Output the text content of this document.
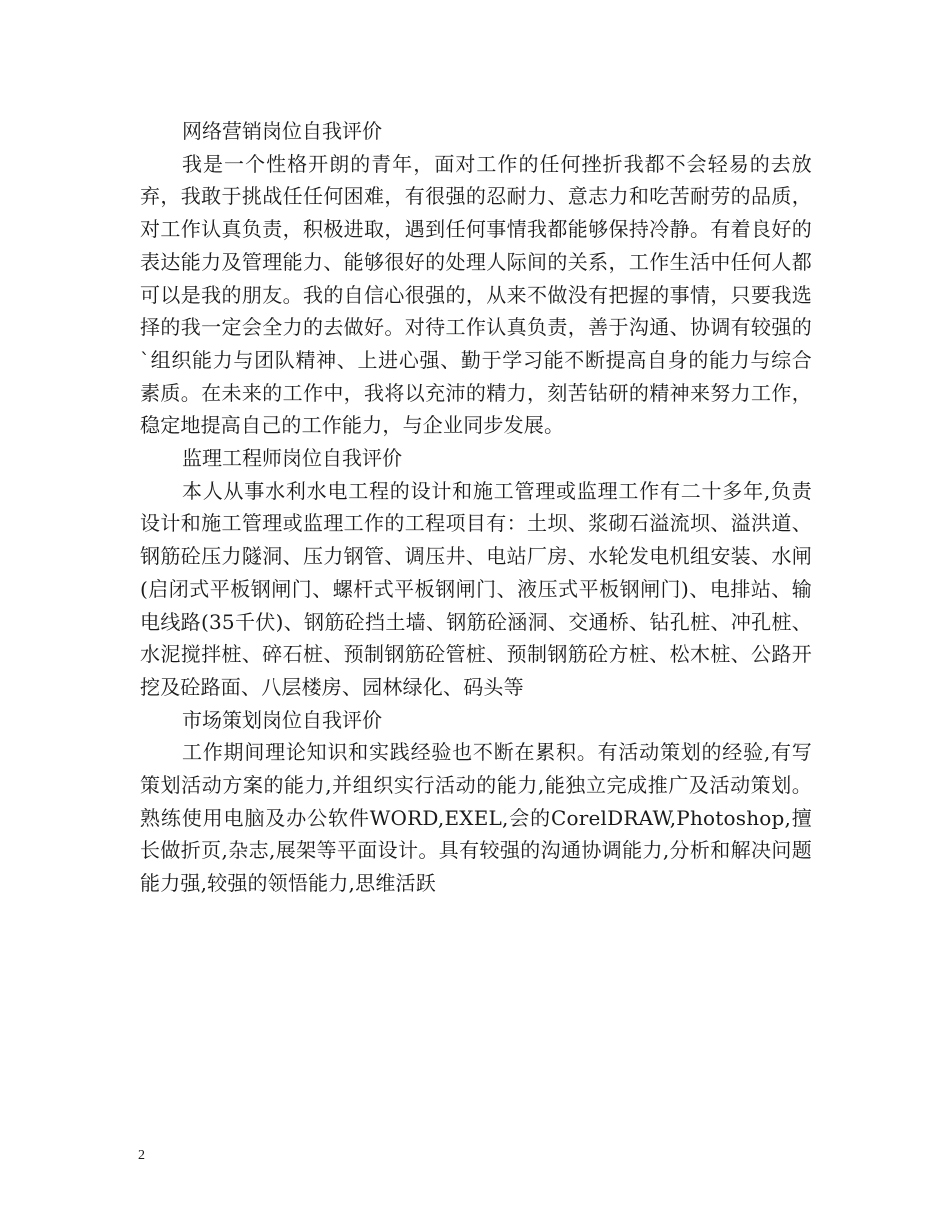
网络营销岗位自我评价

我是一个性格开朗的青年，面对工作的任何挫折我都不会轻易的去放弃，我敢于挑战任任何困难，有很强的忍耐力、意志力和吃苦耐劳的品质，对工作认真负责，积极进取，遇到任何事情我都能够保持冷静。有着良好的表达能力及管理能力、能够很好的处理人际间的关系，工作生活中任何人都可以是我的朋友。我的自信心很强的，从来不做没有把握的事情，只要我选择的我一定会全力的去做好。对待工作认真负责，善于沟通、协调有较强的`组织能力与团队精神、上进心强、勤于学习能不断提高自身的能力与综合素质。在未来的工作中，我将以充沛的精力，刻苦钻研的精神来努力工作，稳定地提高自己的工作能力，与企业同步发展。

监理工程师岗位自我评价

本人从事水利水电工程的设计和施工管理或监理工作有二十多年,负责设计和施工管理或监理工作的工程项目有：土坝、浆砌石溢流坝、溢洪道、钢筋砼压力隧洞、压力钢管、调压井、电站厂房、水轮发电机组安装、水闸(启闭式平板钢闸门、螺杆式平板钢闸门、液压式平板钢闸门)、电排站、输电线路(35千伏)、钢筋砼挡土墙、钢筋砼涵洞、交通桥、钻孔桩、冲孔桩、水泥搅拌桩、碎石桩、预制钢筋砼管桩、预制钢筋砼方桩、松木桩、公路开挖及砼路面、八层楼房、园林绿化、码头等

市场策划岗位自我评价

工作期间理论知识和实践经验也不断在累积。有活动策划的经验,有写策划活动方案的能力,并组织实行活动的能力,能独立完成推广及活动策划。熟练使用电脑及办公软件WORD,EXEL,会的CorelDRAW,Photoshop,擅长做折页,杂志,展架等平面设计。具有较强的沟通协调能力,分析和解决问题能力强,较强的领悟能力,思维活跃

2
